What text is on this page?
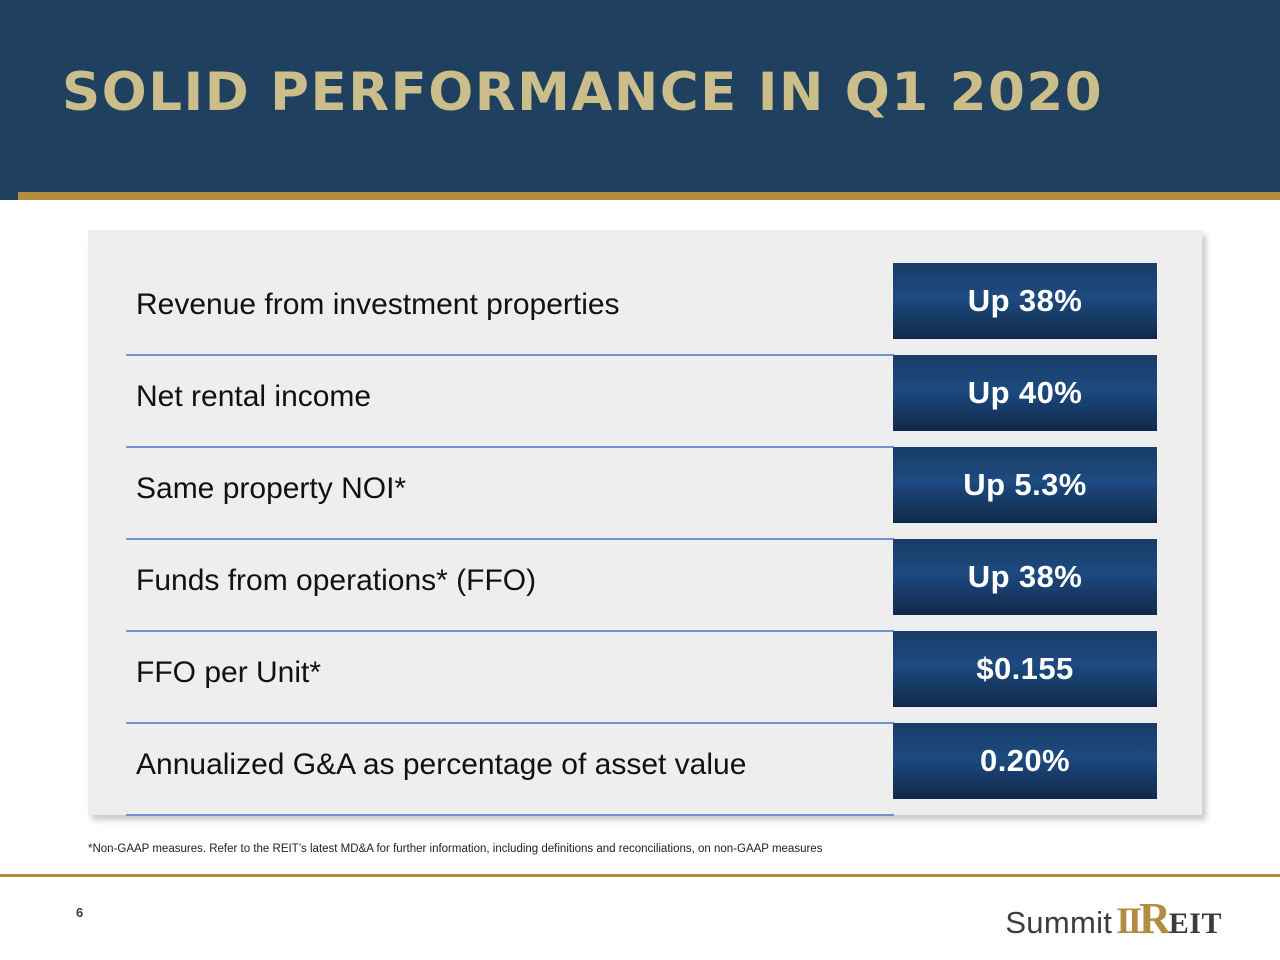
SOLID PERFORMANCE IN Q1 2020
Revenue from investment properties	Up 38%
Net rental income	Up 40%
Same property NOI*	Up 5.3%
Funds from operations* (FFO)	Up 38%
FFO per Unit*	$0.155
Annualized G&A as percentage of asset value	0.20%
*Non-GAAP measures. Refer to the REIT’s latest MD&A for further information, including definitions and reconciliations, on non-GAAP measures
6	Summit II R
EIT
